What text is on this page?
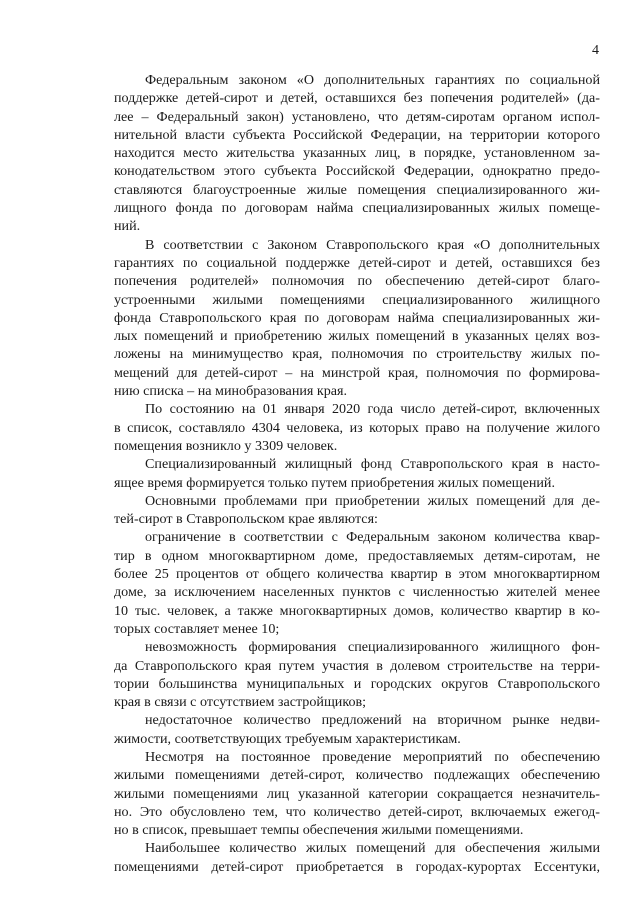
4

Федеральным законом «О дополнительных гарантиях по социальной
поддержке детей-сирот и детей, оставшихся без попечения родителей» (да-
лее – Федеральный закон) установлено, что детям-сиротам органом испол-
нительной власти субъекта Российской Федерации, на территории которого
находится место жительства указанных лиц, в порядке, установленном за-
конодательством этого субъекта Российской Федерации, однократно предо-
ставляются благоустроенные жилые помещения специализированного жи-
лищного фонда по договорам найма специализированных жилых помеще-
ний.

В соответствии с Законом Ставропольского края «О дополнительных
гарантиях по социальной поддержке детей-сирот и детей, оставшихся без
попечения родителей» полномочия по обеспечению детей-сирот благо-
устроенными жилыми помещениями специализированного жилищного
фонда Ставропольского края по договорам найма специализированных жи-
лых помещений и приобретению жилых помещений в указанных целях воз-
ложены на минимущество края, полномочия по строительству жилых по-
мещений для детей-сирот – на минстрой края, полномочия по формирова-
нию списка – на минобразования края.

По состоянию на 01 января 2020 года число детей-сирот, включенных
в список, составляло 4304 человека, из которых право на получение жилого
помещения возникло у 3309 человек.

Специализированный жилищный фонд Ставропольского края в насто-
ящее время формируется только путем приобретения жилых помещений.

Основными проблемами при приобретении жилых помещений для де-
тей-сирот в Ставропольском крае являются:

ограничение в соответствии с Федеральным законом количества квар-
тир в одном многоквартирном доме, предоставляемых детям-сиротам, не
более 25 процентов от общего количества квартир в этом многоквартирном
доме, за исключением населенных пунктов с численностью жителей менее
10 тыс. человек, а также многоквартирных домов, количество квартир в ко-
торых составляет менее 10;

невозможность формирования специализированного жилищного фон-
да Ставропольского края путем участия в долевом строительстве на терри-
тории большинства муниципальных и городских округов Ставропольского
края в связи с отсутствием застройщиков;

недостаточное количество предложений на вторичном рынке недви-
жимости, соответствующих требуемым характеристикам.

Несмотря на постоянное проведение мероприятий по обеспечению
жилыми помещениями детей-сирот, количество подлежащих обеспечению
жилыми помещениями лиц указанной категории сокращается незначитель-
но. Это обусловлено тем, что количество детей-сирот, включаемых ежегод-
но в список, превышает темпы обеспечения жилыми помещениями.

Наибольшее количество жилых помещений для обеспечения жилыми
помещениями детей-сирот приобретается в городах-курортах Ессентуки,
